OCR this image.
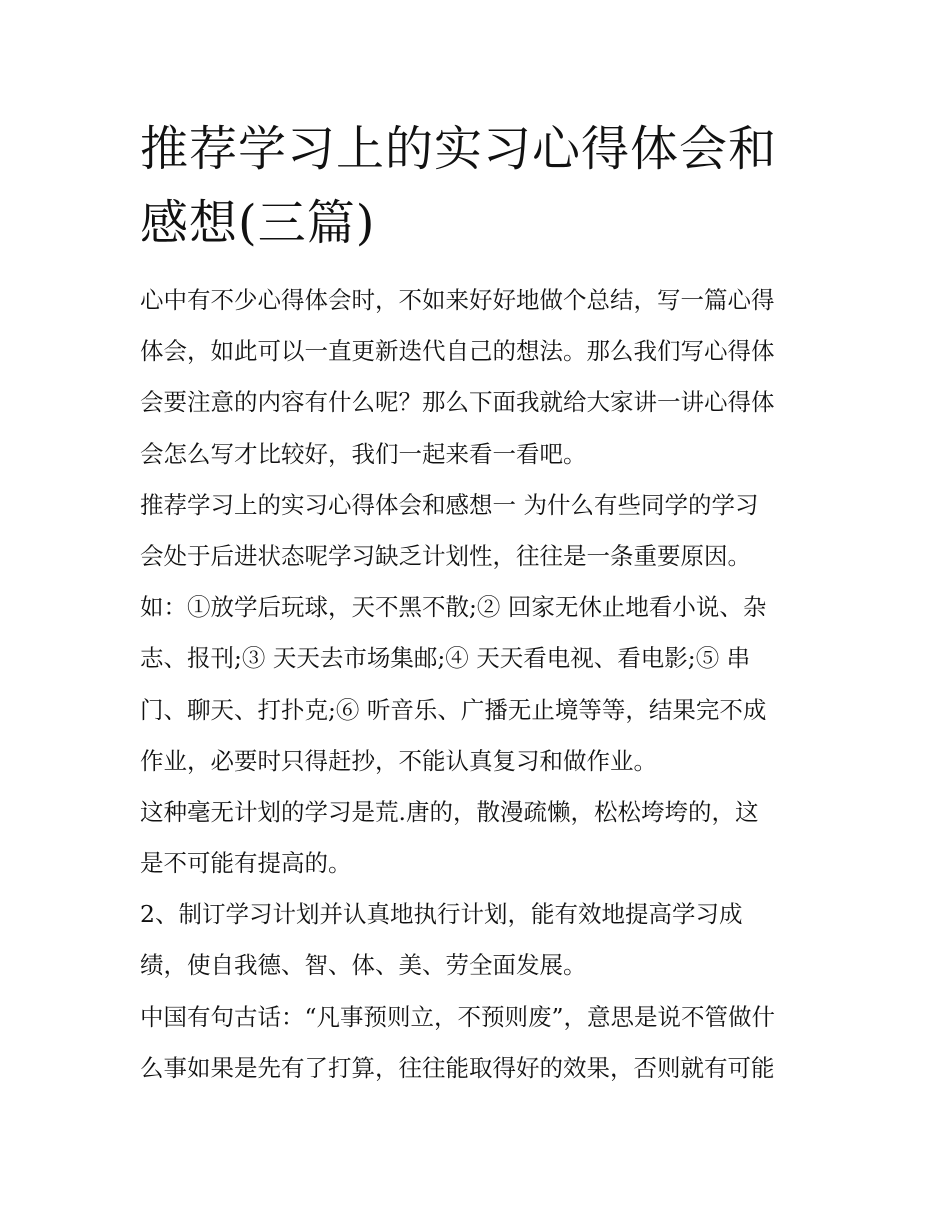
推荐学习上的实习心得体会和
感想(三篇)
心中有不少心得体会时，不如来好好地做个总结，写一篇心得
体会，如此可以一直更新迭代自己的想法。那么我们写心得体
会要注意的内容有什么呢？那么下面我就给大家讲一讲心得体
会怎么写才比较好，我们一起来看一看吧。
推荐学习上的实习心得体会和感想一 为什么有些同学的学习
会处于后进状态呢学习缺乏计划性，往往是一条重要原因。
如：①放学后玩球，天不黑不散;② 回家无休止地看小说、杂
志、报刊;③ 天天去市场集邮;④ 天天看电视、看电影;⑤ 串
门、聊天、打扑克;⑥ 听音乐、广播无止境等等，结果完不成
作业，必要时只得赶抄，不能认真复习和做作业。
这种毫无计划的学习是荒.唐的，散漫疏懒，松松垮垮的，这
是不可能有提高的。
2、制订学习计划并认真地执行计划，能有效地提高学习成
绩，使自我德、智、体、美、劳全面发展。
中国有句古话：“凡事预则立，不预则废”，意思是说不管做什
么事如果是先有了打算，往往能取得好的效果，否则就有可能
